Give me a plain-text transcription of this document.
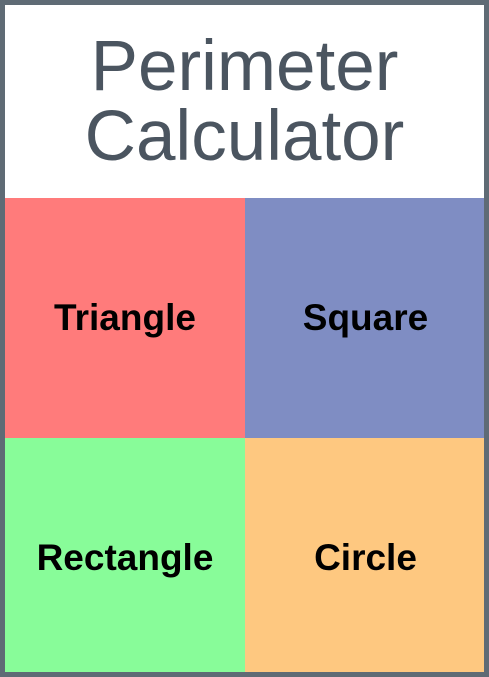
Perimeter
Calculator
Triangle	Square
Rectangle	Circle
